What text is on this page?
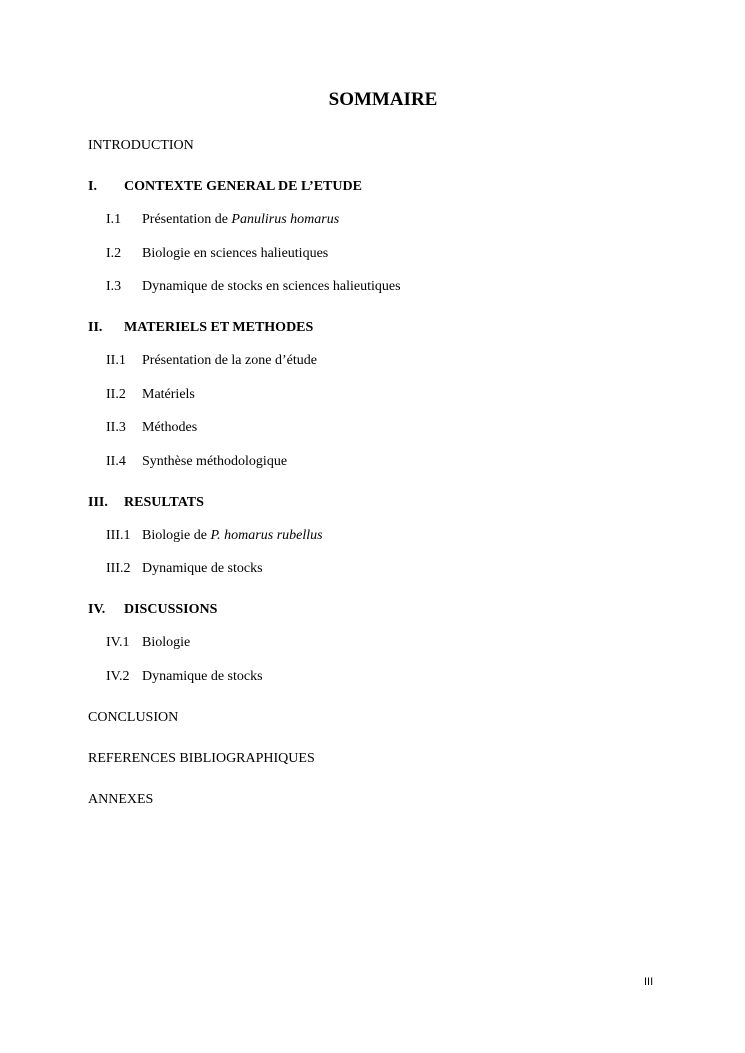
SOMMAIRE
INTRODUCTION
I. CONTEXTE GENERAL DE L’ETUDE
I.1 Présentation de Panulirus homarus
I.2 Biologie en sciences halieutiques
I.3 Dynamique de stocks en sciences halieutiques
II. MATERIELS ET METHODES
II.1 Présentation de la zone d’étude
II.2 Matériels
II.3 Méthodes
II.4 Synthèse méthodologique
III. RESULTATS
III.1 Biologie de P. homarus rubellus
III.2 Dynamique de stocks
IV. DISCUSSIONS
IV.1 Biologie
IV.2 Dynamique de stocks
CONCLUSION
REFERENCES BIBLIOGRAPHIQUES
ANNEXES
III
